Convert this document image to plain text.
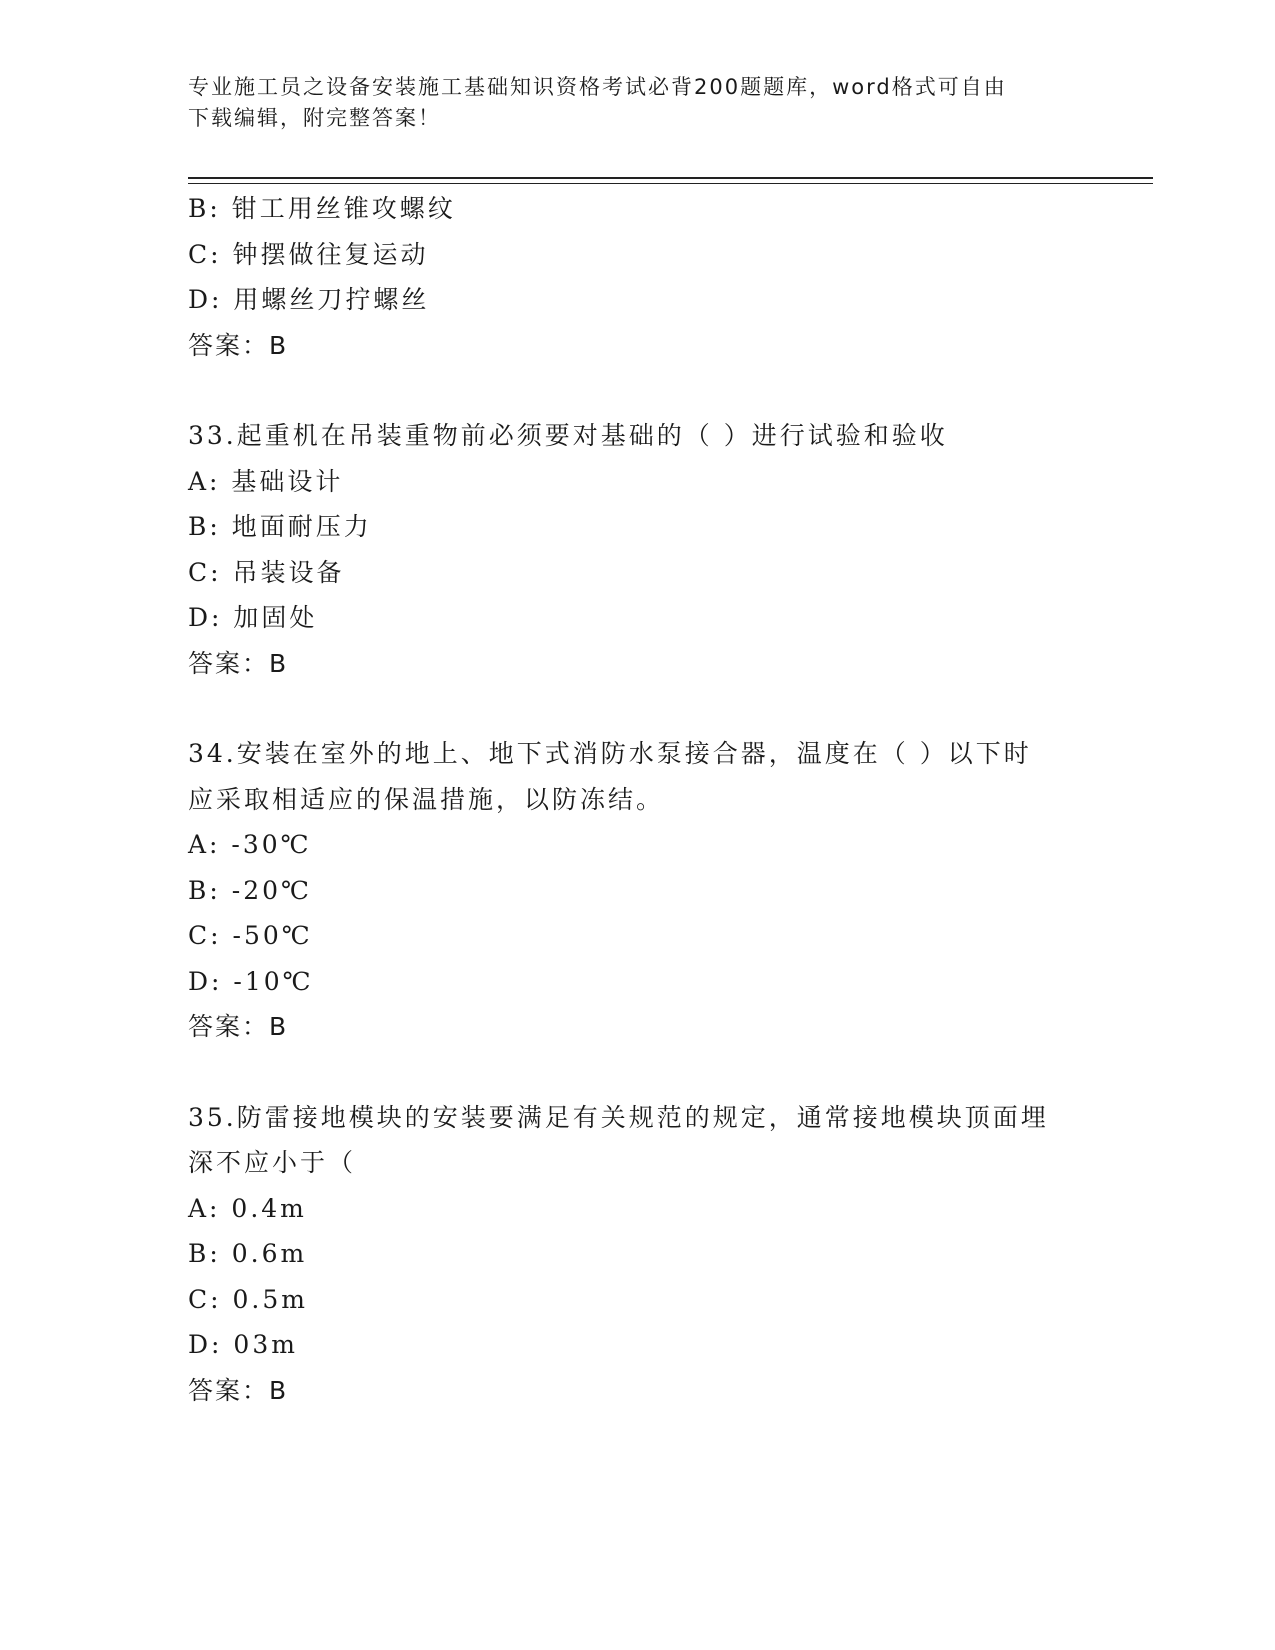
专业施工员之设备安装施工基础知识资格考试必背200题题库，word格式可自由
下载编辑，附完整答案！
B: 钳工用丝锥攻螺纹
C: 钟摆做往复运动
D: 用螺丝刀拧螺丝
答案：B
33.起重机在吊装重物前必须要对基础的（ ）进行试验和验收
A: 基础设计
B: 地面耐压力
C: 吊装设备
D: 加固处
答案：B
34.安装在室外的地上、地下式消防水泵接合器，温度在（ ）以下时
应采取相适应的保温措施，以防冻结。
A: -30℃
B: -20℃
C: -50℃
D: -10℃
答案：B
35.防雷接地模块的安装要满足有关规范的规定，通常接地模块顶面埋
深不应小于（
A: 0.4m
B: 0.6m
C: 0.5m
D: 03m
答案：B
